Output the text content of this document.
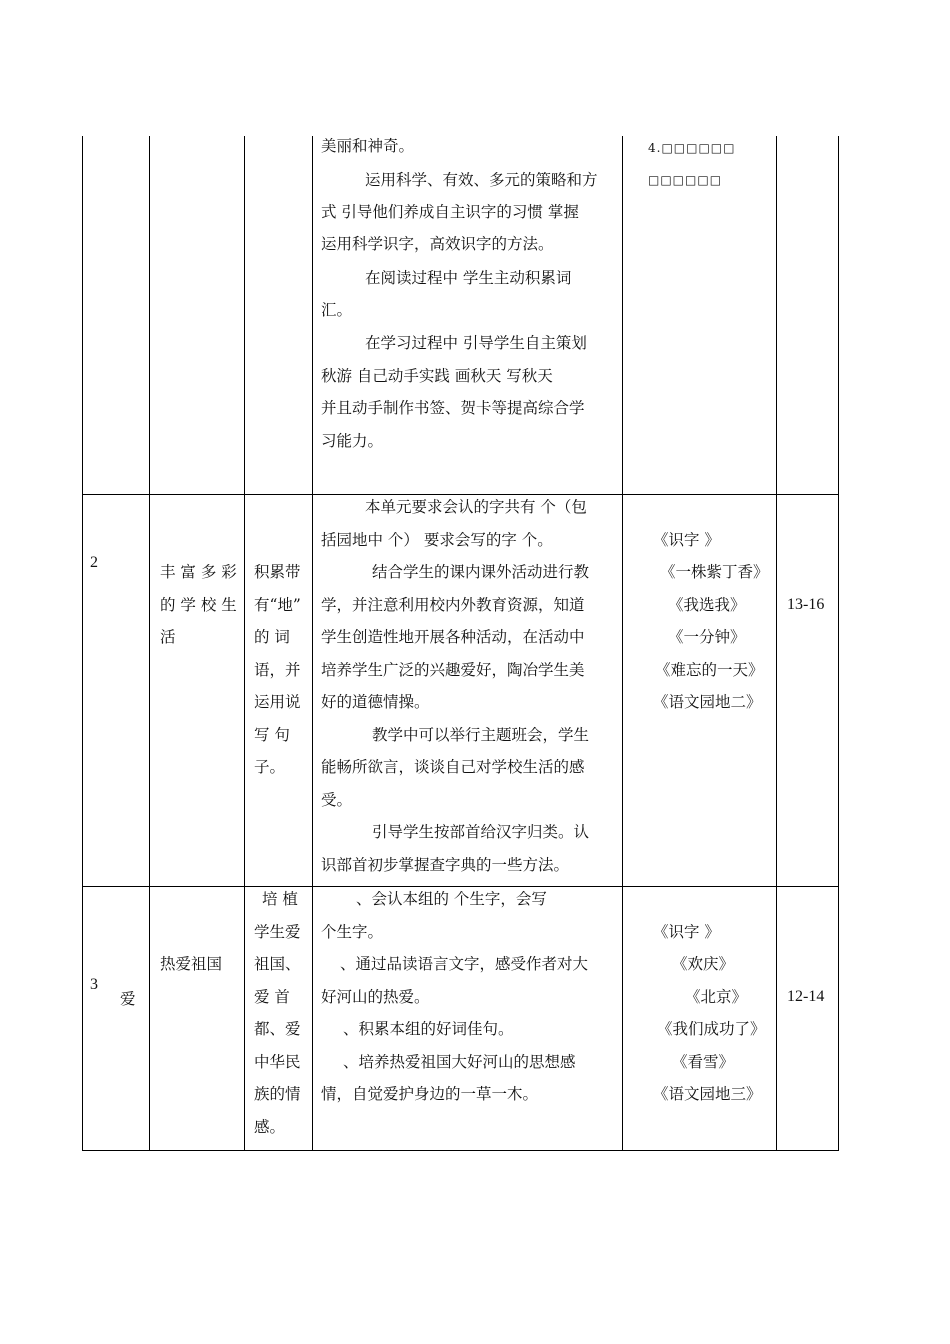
美丽和神奇。
运用科学、有效、多元的策略和方
式 引导他们养成自主识字的习惯 掌握
运用科学识字，高效识字的方法。
在阅读过程中 学生主动积累词
汇。
在学习过程中 引导学生自主策划
秋游 自己动手实践 画秋天 写秋天
并且动手制作书签、贺卡等提高综合学
习能力。
4.□□□□□□
□□□□□□
2
丰 富 多 彩
的 学 校 生
活
积累带
有“地”
的 词
语，并
运用说
写 句
子。
本单元要求会认的字共有 个（包
括园地中 个） 要求会写的字 个。
结合学生的课内课外活动进行教
学，并注意利用校内外教育资源，知道
学生创造性地开展各种活动，在活动中
培养学生广泛的兴趣爱好，陶冶学生美
好的道德情操。
教学中可以举行主题班会，学生
能畅所欲言，谈谈自己对学校生活的感
受。
引导学生按部首给汉字归类。认
识部首初步掌握查字典的一些方法。
《识字 》
《一株紫丁香》
《我选我》
《一分钟》
《难忘的一天》
《语文园地二》
13-16
3
爱
热爱祖国
培 植
学生爱
祖国、
爱 首
都、爱
中华民
族的情
感。
、会认本组的 个生字，会写
个生字。
、通过品读语言文字，感受作者对大
好河山的热爱。
、积累本组的好词佳句。
、培养热爱祖国大好河山的思想感
情，自觉爱护身边的一草一木。
《识字 》
《欢庆》
《北京》
《我们成功了》
《看雪》
《语文园地三》
12-14
